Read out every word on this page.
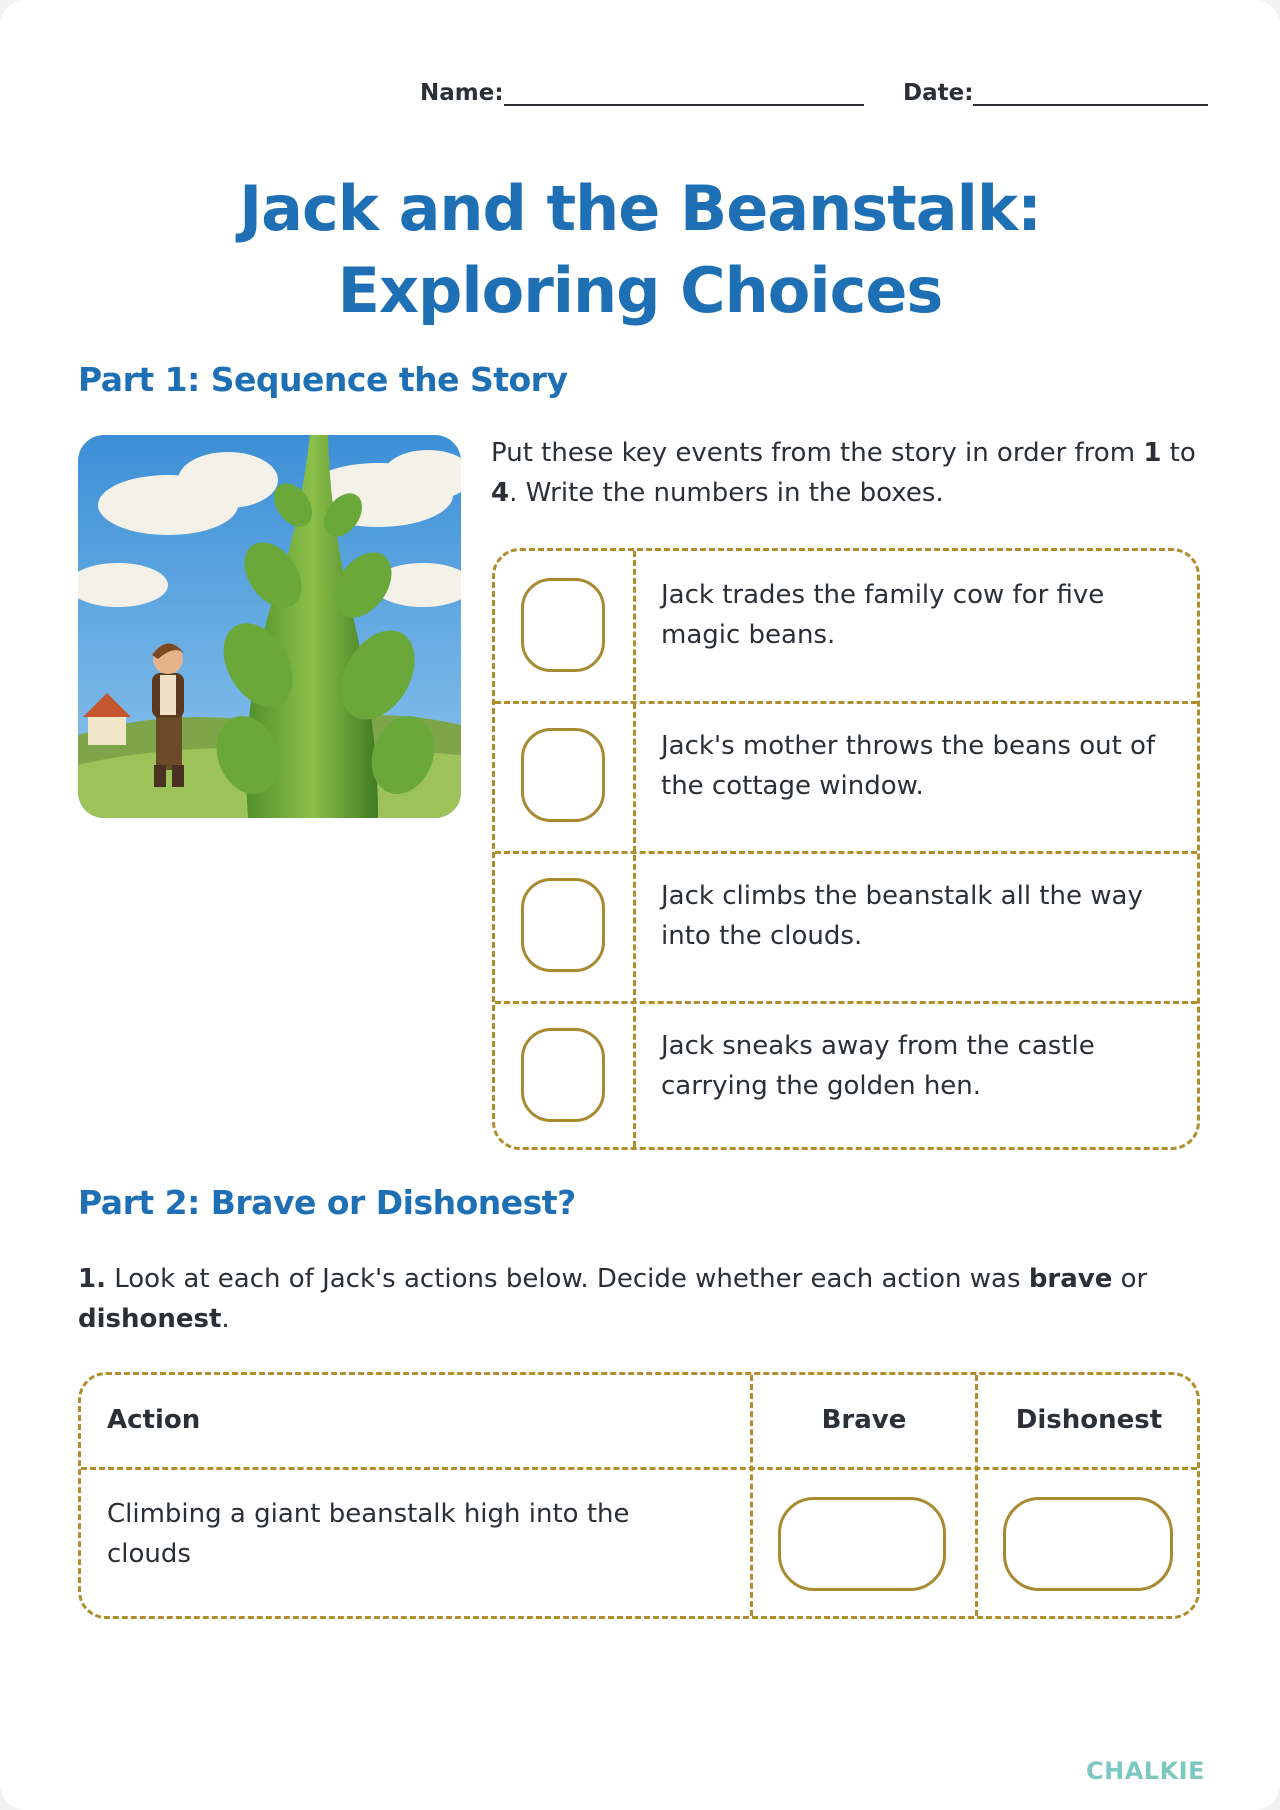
Name:	Date:
Jack and the Beanstalk: Exploring Choices
Part 1: Sequence the Story
Put these key events from the story in order from 1 to 4. Write the numbers in the boxes.
Jack trades the family cow for five magic beans.
Jack's mother throws the beans out of the cottage window.
Jack climbs the beanstalk all the way into the clouds.
Jack sneaks away from the castle carrying the golden hen.
Part 2: Brave or Dishonest?
1. Look at each of Jack's actions below. Decide whether each action was brave or dishonest.
Action	Brave	Dishonest
Climbing a giant beanstalk high into the clouds
CHALKIE
